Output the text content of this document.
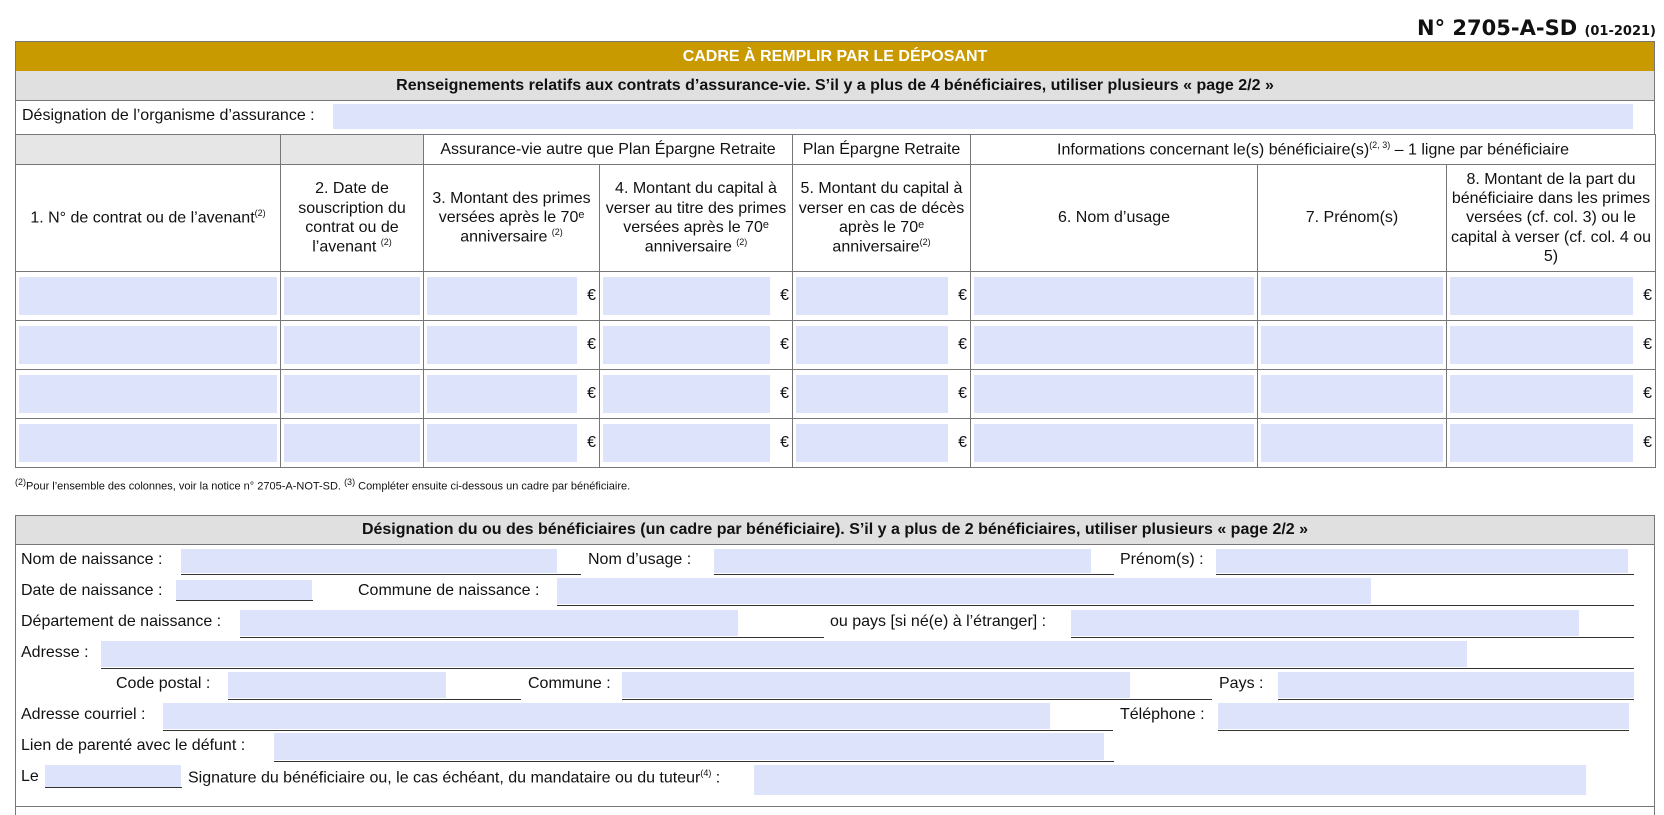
N° 2705-A-SD (01-2021)
CADRE À REMPLIR PAR LE DÉPOSANT
Renseignements relatifs aux contrats d’assurance-vie. S’il y a plus de 4 bénéficiaires, utiliser plusieurs « page 2/2 »
Désignation de l’organisme d’assurance :
		Assurance-vie autre que Plan Épargne Retraite		Plan Épargne Retraite	Informations concernant le(s) $bénéficiaire(s)^{(2, 3)} - 1$ ligne par bénéficiaire		
1. N° de contrat ou de l’avenant$^{(2)}$	2. Date de souscription du contrat ou de l’avenant $^{(2)}$	3. Montant des primes versées après le 70ᵉ anniversaire $^{(2)}$	4. Montant du capital à verser au titre des primes versées après le 70ᵉ anniversaire $^{(2)}$	5. Montant du capital à verser en cas de décès après le 70ᵉ anniversaire$^{(2)}$	6. Nom d’usage	7. Prénom(s)	8. Montant de la part du bénéficiaire dans les primes versées (cf. col. 3) ou le capital à verser (cf. col. 4 ou 5)

		€	€	€			€

		€	€	€			€

		€	€	€			€

		€	€	€			€
$^{(2)}$Pour l’ensemble des colonnes, voir la notice n° 2705-A-NOT-SD. $^{(3)}$ Compléter ensuite ci-dessous un cadre par bénéficiaire.
Désignation du ou des bénéficiaires (un cadre par bénéficiaire). S’il y a plus de 2 bénéficiaires, utiliser plusieurs « page 2/2 »
Nom de naissance :	Nom d’usage :	Prénom(s) :
Date de naissance :	Commune de naissance :
Département de naissance :	ou pays [si né(e) à l’étranger] :
Adresse :
Code postal :	Commune :	Pays :
Adresse courriel :	Téléphone :
Lien de parenté avec le défunt :
Le	Signature du bénéficiaire ou, le cas échéant, du mandataire ou du tuteur$^{(4)}$ :
